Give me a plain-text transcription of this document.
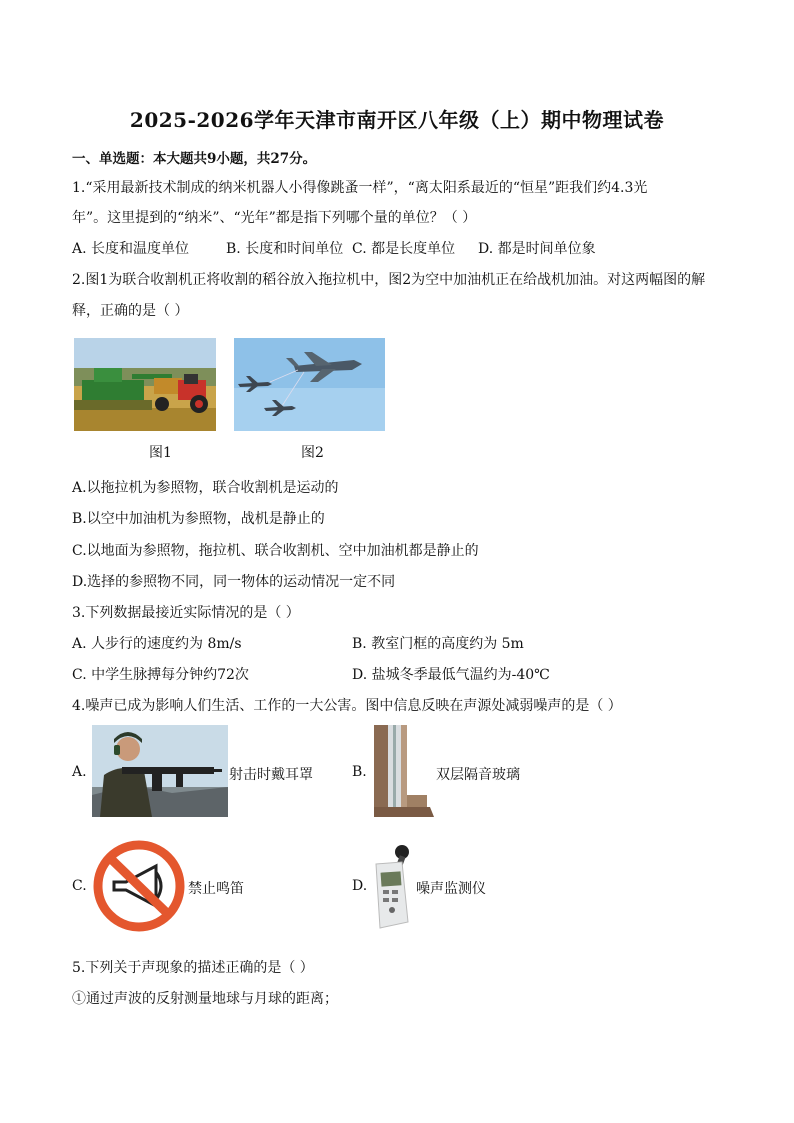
2025-2026学年天津市南开区八年级（上）期中物理试卷
一、单选题：本大题共9小题，共27分。
1.“采用最新技术制成的纳米机器人小得像跳蚤一样”，“离太阳系最近的“恒星”距我们约4.3光
年”。这里提到的“纳米”、“光年”都是指下列哪个量的单位？（ ）
A. 长度和温度单位	B. 长度和时间单位 C. 都是长度单位 D. 都是时间单位象
2.图1为联合收割机正将收割的稻谷放入拖拉机中，图2为空中加油机正在给战机加油。对这两幅图的解
释，正确的是（ ）
图1	图2
A.以拖拉机为参照物，联合收割机是运动的
B.以空中加油机为参照物，战机是静止的
C.以地面为参照物，拖拉机、联合收割机、空中加油机都是静止的
D.选择的参照物不同，同一物体的运动情况一定不同
3.下列数据最接近实际情况的是（ ）
A. 人步行的速度约为 8m/s	B. 教室门框的高度约为 5m
C. 中学生脉搏每分钟约72次	D. 盐城冬季最低气温约为-40℃
4.噪声已成为影响人们生活、工作的一大公害。图中信息反映在声源处减弱噪声的是（ ）
A.	射击时戴耳罩	B.	双层隔音玻璃
C.	禁止鸣笛	D.	噪声监测仪
5.下列关于声现象的描述正确的是（ ）
①通过声波的反射测量地球与月球的距离；
